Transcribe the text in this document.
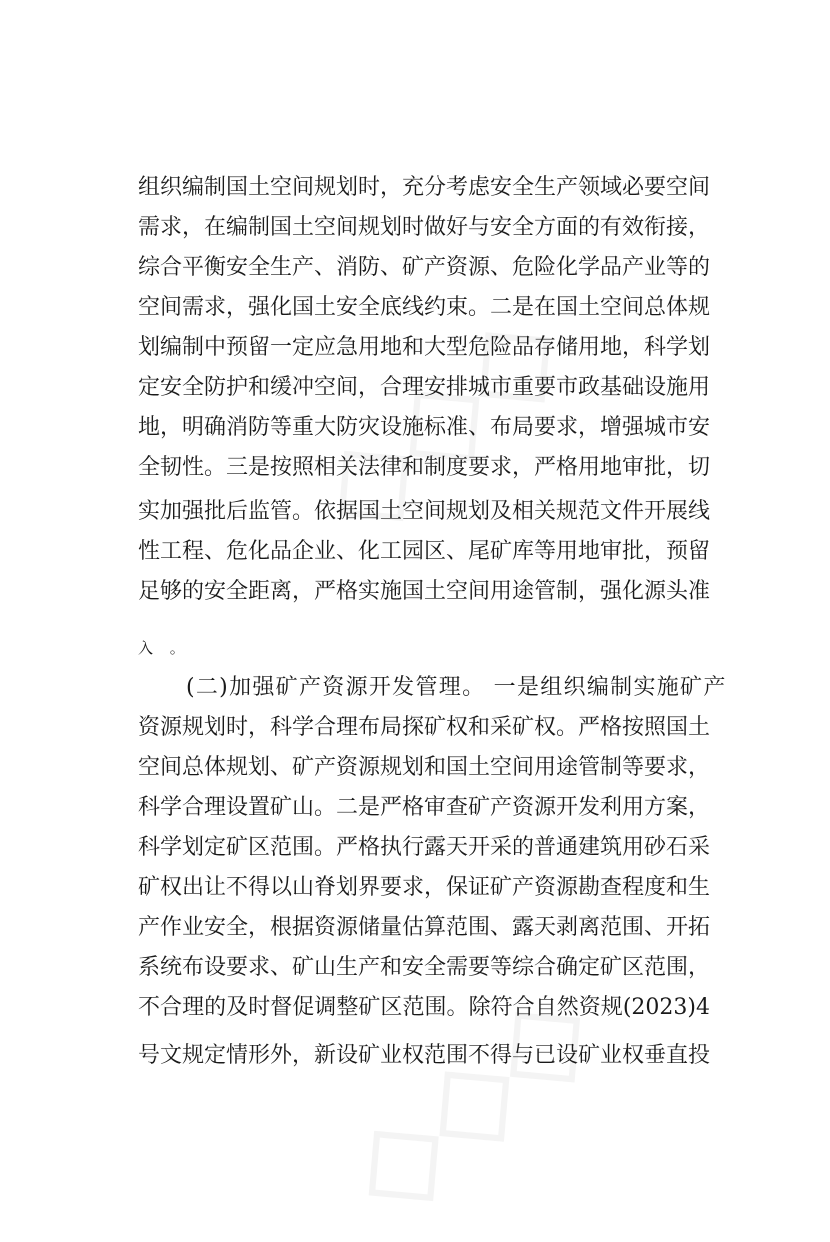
组织编制国土空间规划时，充分考虑安全生产领域必要空间
需求，在编制国土空间规划时做好与安全方面的有效衔接，
综合平衡安全生产、消防、矿产资源、危险化学品产业等的
空间需求，强化国土安全底线约束。二是在国土空间总体规
划编制中预留一定应急用地和大型危险品存储用地，科学划
定安全防护和缓冲空间，合理安排城市重要市政基础设施用
地，明确消防等重大防灾设施标准、布局要求，增强城市安
全韧性。三是按照相关法律和制度要求，严格用地审批，切
实加强批后监管。依据国土空间规划及相关规范文件开展线
性工程、危化品企业、化工园区、尾矿库等用地审批，预留
足够的安全距离，严格实施国土空间用途管制，强化源头准
入 。
(二)加强矿产资源开发管理。 一是组织编制实施矿产
资源规划时，科学合理布局探矿权和采矿权。严格按照国土
空间总体规划、矿产资源规划和国土空间用途管制等要求，
科学合理设置矿山。二是严格审查矿产资源开发利用方案，
科学划定矿区范围。严格执行露天开采的普通建筑用砂石采
矿权出让不得以山脊划界要求，保证矿产资源勘查程度和生
产作业安全，根据资源储量估算范围、露天剥离范围、开拓
系统布设要求、矿山生产和安全需要等综合确定矿区范围，
不合理的及时督促调整矿区范围。除符合自然资规(2023)4
号文规定情形外，新设矿业权范围不得与已设矿业权垂直投
